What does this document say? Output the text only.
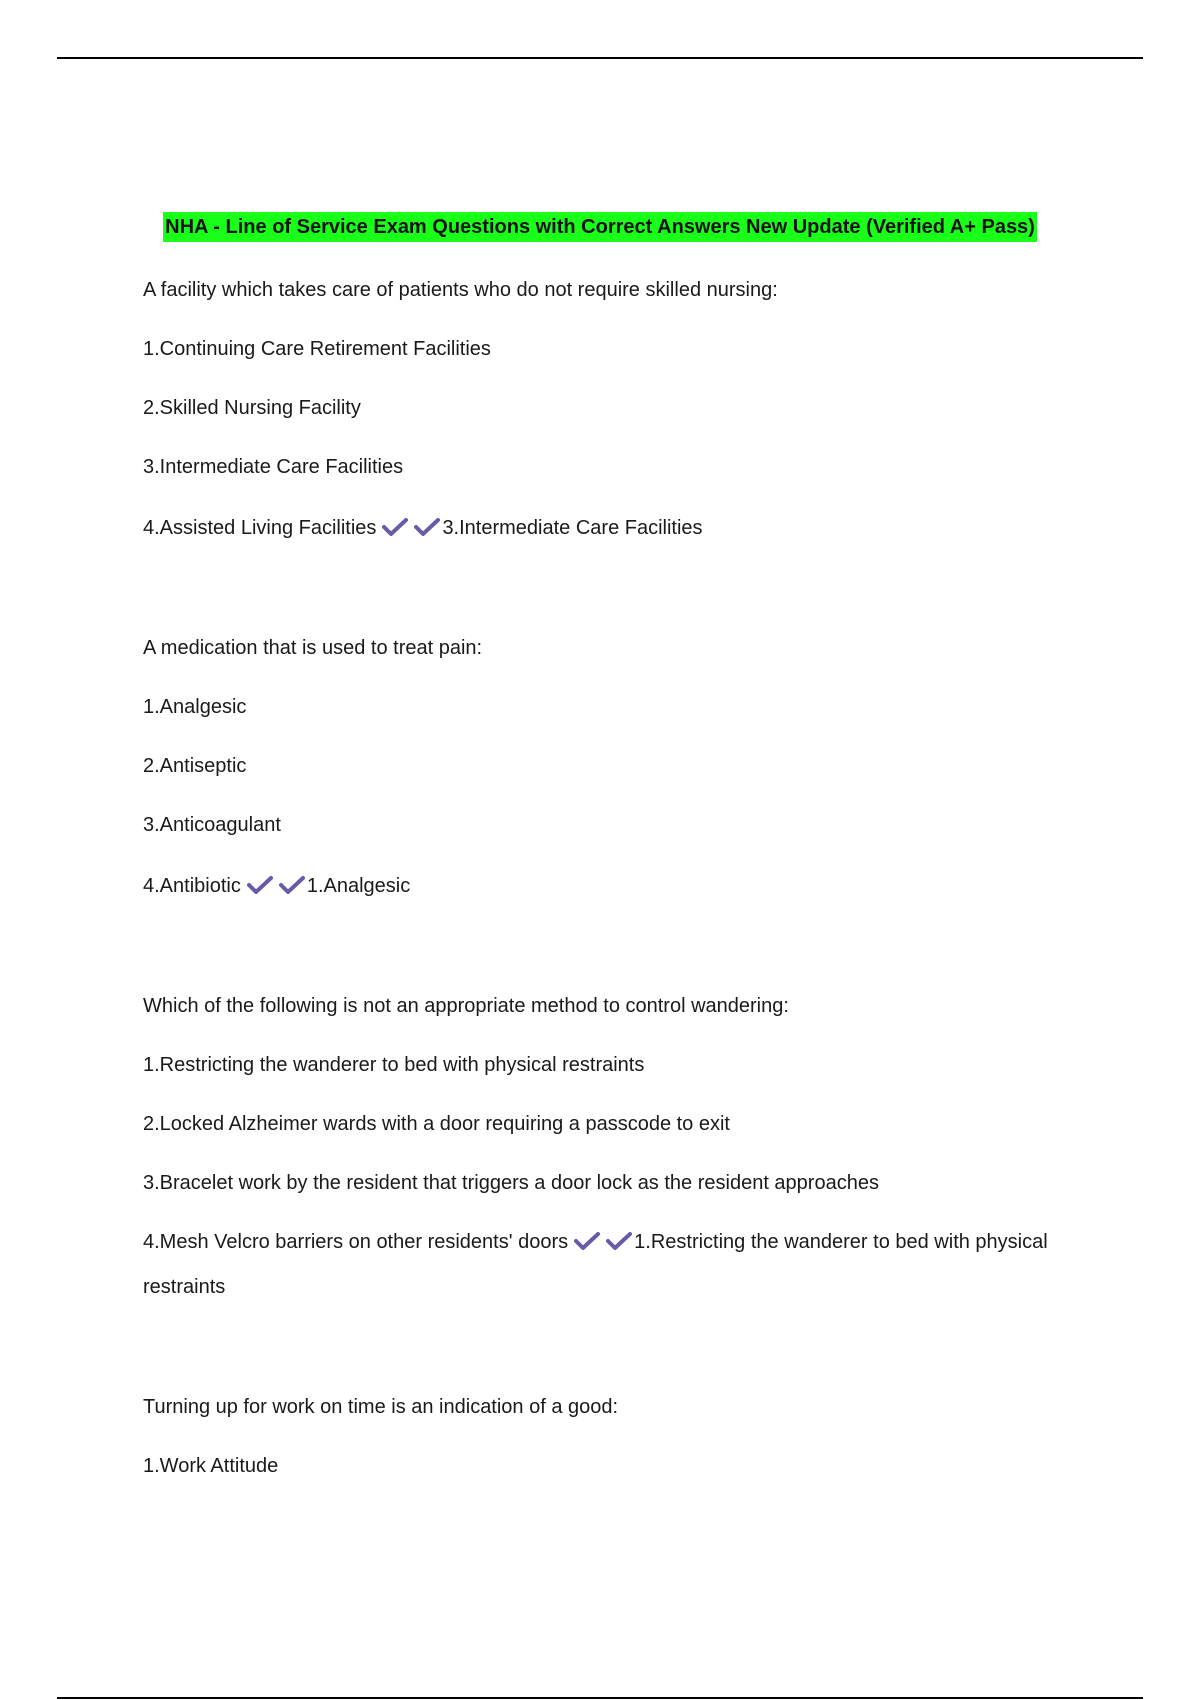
NHA - Line of Service Exam Questions with Correct Answers New Update (Verified A+ Pass)
A facility which takes care of patients who do not require skilled nursing:
1.Continuing Care Retirement Facilities
2.Skilled Nursing Facility
3.Intermediate Care Facilities
4.Assisted Living Facilities	3.Intermediate Care Facilities
A medication that is used to treat pain:
1.Analgesic
2.Antiseptic
3.Anticoagulant
4.Antibiotic	1.Analgesic
Which of the following is not an appropriate method to control wandering:
1.Restricting the wanderer to bed with physical restraints
2.Locked Alzheimer wards with a door requiring a passcode to exit
3.Bracelet work by the resident that triggers a door lock as the resident approaches
4.Mesh Velcro barriers on other residents' doors	1.Restricting the wanderer to bed with physical restraints
Turning up for work on time is an indication of a good:
1.Work Attitude
